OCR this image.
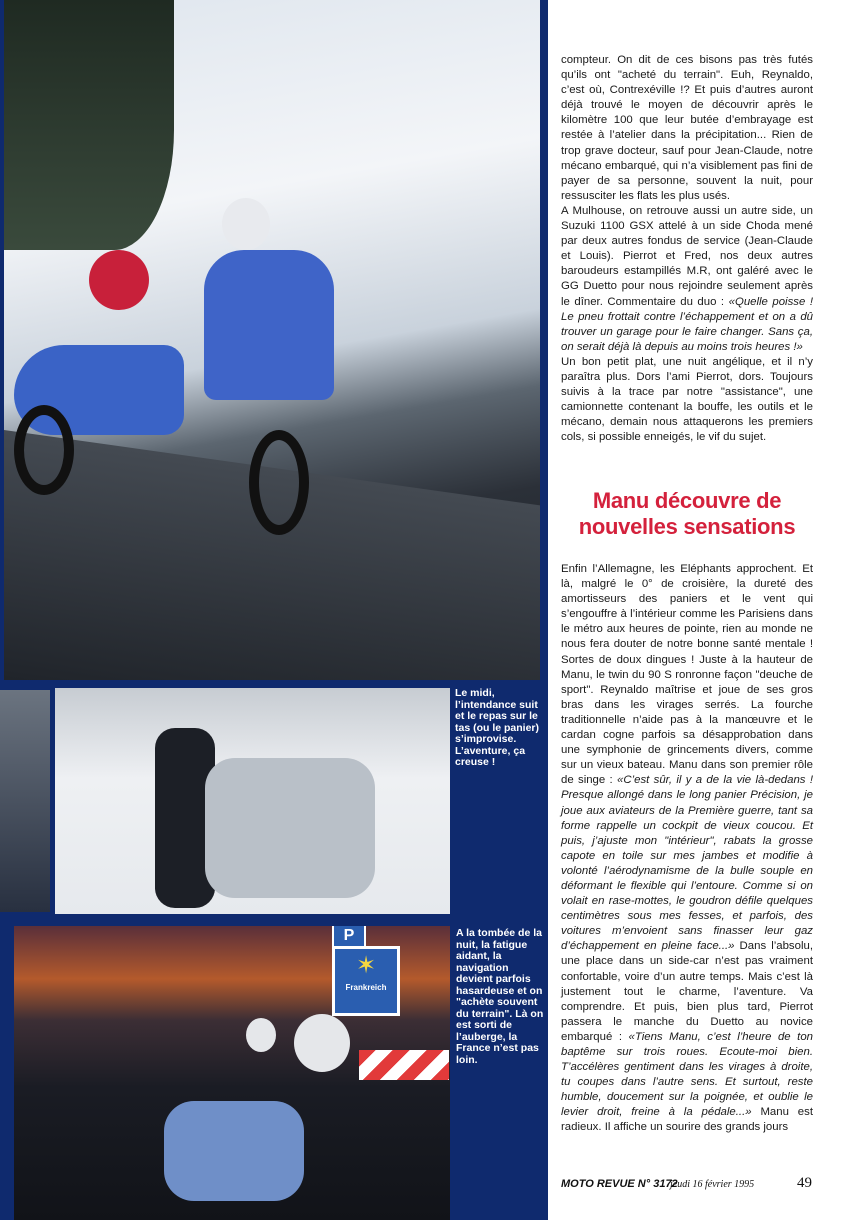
Le midi, l’intendance suit et le repas sur le tas (ou le panier) s’improvise. L’aventure, ça creuse !
✶
Frankreich
P	A la tombée de la nuit, la fatigue aidant, la navigation devient parfois hasardeuse et on "achète souvent du terrain". Là on est sorti de l’auberge, la France n’est pas loin.

compteur. On dit de ces bisons pas très futés qu’ils ont "acheté du terrain". Euh, Reynaldo, c’est où, Contrexéville !? Et puis d’autres auront déjà trouvé le moyen de découvrir après le kilomètre 100 que leur butée d’embrayage est restée à l’atelier dans la précipitation... Rien de trop grave docteur, sauf pour Jean-Claude, notre mécano embarqué, qui n’a visiblement pas fini de payer de sa personne, souvent la nuit, pour ressusciter les flats les plus usés.

A Mulhouse, on retrouve aussi un autre side, un Suzuki 1100 GSX attelé à un side Choda mené par deux autres fondus de service (Jean-Claude et Louis). Pierrot et Fred, nos deux autres baroudeurs estampillés M.R, ont galéré avec le GG Duetto pour nous rejoindre seulement après le dîner. Commentaire du duo : «Quelle poisse ! Le pneu frottait contre l’échappement et on a dû trouver un garage pour le faire changer. Sans ça, on serait déjà là depuis au moins trois heures !»

Un bon petit plat, une nuit angélique, et il n’y paraîtra plus. Dors l’ami Pierrot, dors. Toujours suivis à la trace par notre "assistance", une camionnette contenant la bouffe, les outils et le mécano, demain nous attaquerons les premiers cols, si possible enneigés, le vif du sujet.

Manu découvre de nouvelles sensations

Enfin l’Allemagne, les Eléphants approchent. Et là, malgré le 0° de croisière, la dureté des amortisseurs des paniers et le vent qui s’engouffre à l’intérieur comme les Parisiens dans le métro aux heures de pointe, rien au monde ne nous fera douter de notre bonne santé mentale ! Sortes de doux dingues ! Juste à la hauteur de Manu, le twin du 90 S ronronne façon "deuche de sport". Reynaldo maîtrise et joue de ses gros bras dans les virages serrés. La fourche traditionnelle n’aide pas à la manœuvre et le cardan cogne parfois sa désapprobation dans une symphonie de grincements divers, comme sur un vieux bateau. Manu dans son premier rôle de singe : «C’est sûr, il y a de la vie là-dedans ! Presque allongé dans le long panier Précision, je joue aux aviateurs de la Première guerre, tant sa forme rappelle un cockpit de vieux coucou. Et puis, j’ajuste mon "intérieur", rabats la grosse capote en toile sur mes jambes et modifie à volonté l’aérodynamisme de la bulle souple en déformant le flexible qui l’entoure. Comme si on volait en rase-mottes, le goudron défile quelques centimètres sous mes fesses, et parfois, des voitures m’envoient sans finasser leur gaz d’échappement en pleine face...» Dans l’absolu, une place dans un side-car n’est pas vraiment confortable, voire d’un autre temps. Mais c’est là justement tout le charme, l’aventure. Va comprendre. Et puis, bien plus tard, Pierrot passera le manche du Duetto au novice embarqué : «Tiens Manu, c’est l’heure de ton baptême sur trois roues. Ecoute-moi bien. T’accélères gentiment dans les virages à droite, tu coupes dans l’autre sens. Et surtout, reste humble, doucement sur la poignée, et oublie le levier droit, freine à la pédale...» Manu est radieux. Il affiche un sourire des grands jours

MOTO REVUE N° 3172
jeudi 16 février 1995	49
